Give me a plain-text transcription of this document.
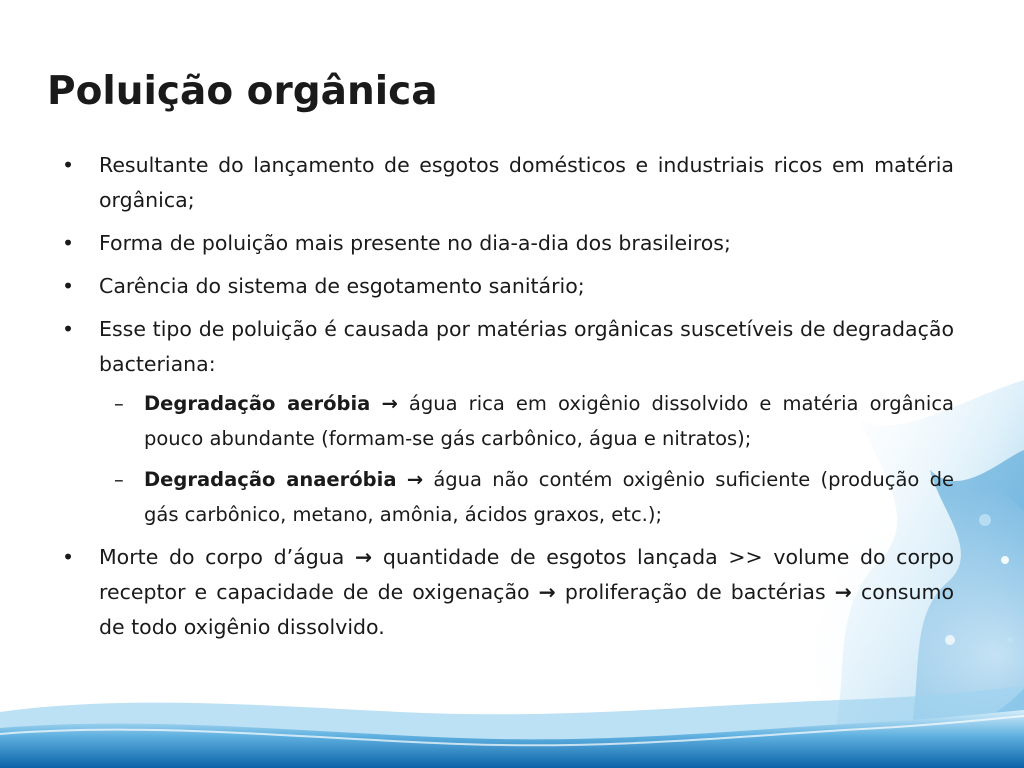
Poluição orgânica
• Resultante do lançamento de esgotos domésticos e industriais ricos em matéria orgânica;
• Forma de poluição mais presente no dia-a-dia dos brasileiros;
• Carência do sistema de esgotamento sanitário;
• Esse tipo de poluição é causada por matérias orgânicas suscetíveis de degradação bacteriana:
– Degradação aeróbia → água rica em oxigênio dissolvido e matéria orgânica pouco abundante (formam-se gás carbônico, água e nitratos);
– Degradação anaeróbia → água não contém oxigênio suficiente (produção de gás carbônico, metano, amônia, ácidos graxos, etc.);
• Morte do corpo d’água → quantidade de esgotos lançada >> volume do corpo receptor e capacidade de de oxigenação → proliferação de bactérias → consumo de todo oxigênio dissolvido.
